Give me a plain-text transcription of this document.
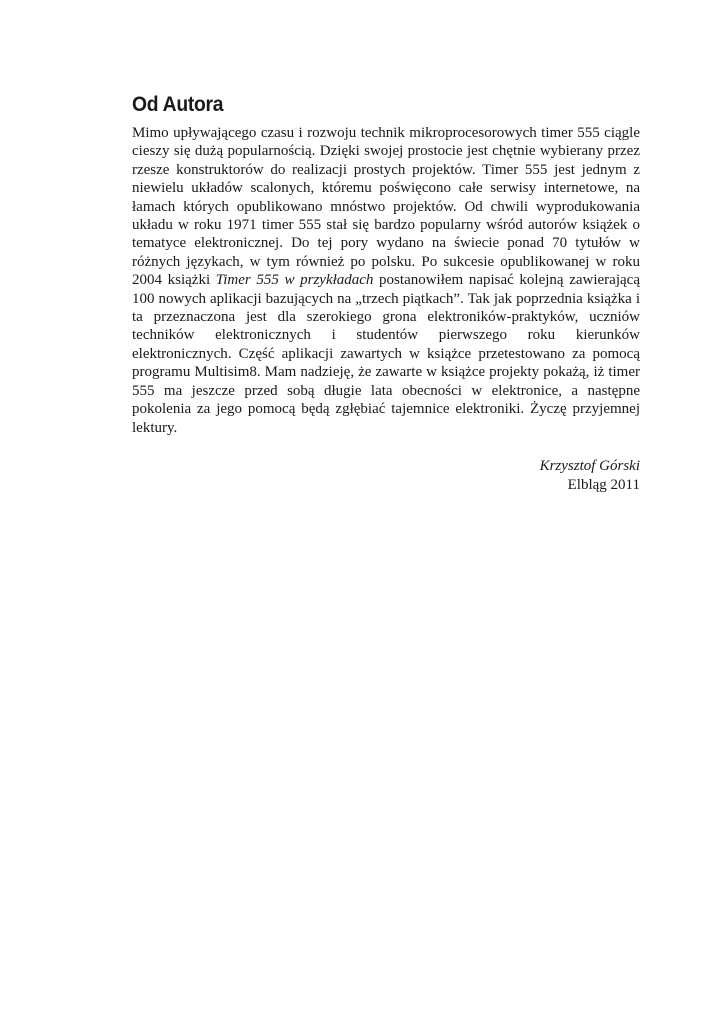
Od Autora

Mimo upływającego czasu i rozwoju technik mikroprocesorowych timer 555 ciągle cieszy się dużą popularnością. Dzięki swojej prostocie jest chętnie wybierany przez rzesze konstruktorów do realizacji prostych projektów. Timer 555 jest jednym z niewielu układów scalonych, któremu poświęcono całe serwisy internetowe, na łamach których opublikowano mnóstwo projektów. Od chwili wyprodukowania układu w roku 1971 timer 555 stał się bardzo popularny wśród autorów książek o tematyce elektronicznej. Do tej pory wydano na świecie ponad 70 tytułów w różnych językach, w tym również po polsku. Po sukcesie opublikowanej w roku 2004 książki Timer 555 w przykładach postanowiłem napisać kolejną zawierającą 100 nowych aplikacji bazujących na „trzech piątkach”. Tak jak poprzednia książka i ta przeznaczona jest dla szerokiego grona elektroników-praktyków, uczniów techników elektronicznych i studentów pierwszego roku kierunków elektronicznych. Część aplikacji zawartych w książce przetestowano za pomocą programu Multisim8. Mam nadzieję, że zawarte w książce projekty pokażą, iż timer 555 ma jeszcze przed sobą długie lata obecności w elektronice, a następne pokolenia za jego pomocą będą zgłębiać tajemnice elektroniki. Życzę przyjemnej lektury.

Krzysztof Górski
Elbląg 2011
